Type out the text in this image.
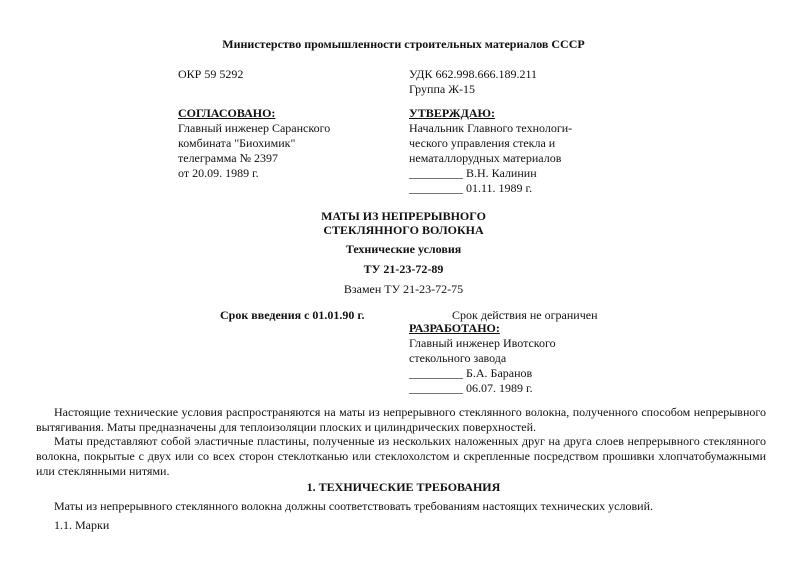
Министерство промышленности строительных материалов СССР
ОКР 59 5292	УДК 662.998.666.189.211
Группа Ж-15
СОГЛАСОВАНО:
Главный инженер Саранского
комбината "Биохимик"
телеграмма № 2397
от 20.09. 1989 г.
УТВЕРЖДАЮ:
Начальник Главного технологи-
ческого управления стекла и
нематаллорудных материалов
_________ В.Н. Калинин
_________ 01.11. 1989 г.
МАТЫ ИЗ НЕПРЕРЫВНОГО
СТЕКЛЯННОГО ВОЛОКНА
Технические условия
ТУ 21-23-72-89
Взамен ТУ 21-23-72-75
Срок введения с 01.01.90 г.	Срок действия не ограничен
РАЗРАБОТАНО:
Главный инженер Ивотского
стекольного завода
_________ Б.А. Баранов
_________ 06.07. 1989 г.
Настоящие технические условия распространяются на маты из непрерывного стеклянного волокна, полученного способом непрерывного вытягивания. Маты предназначены для теплоизоляции плоских и цилиндрических поверхностей.
Маты представляют собой эластичные пластины, полученные из нескольких наложенных друг на друга слоев непрерывного стеклянного волокна, покрытые с двух или со всех сторон стеклотканью или стеклохолстом и скрепленные посредством прошивки хлопчатобумажными или стеклянными нитями.
1. ТЕХНИЧЕСКИЕ ТРЕБОВАНИЯ
Маты из непрерывного стеклянного волокна должны соответствовать требованиям настоящих технических условий.
1.1. Марки
